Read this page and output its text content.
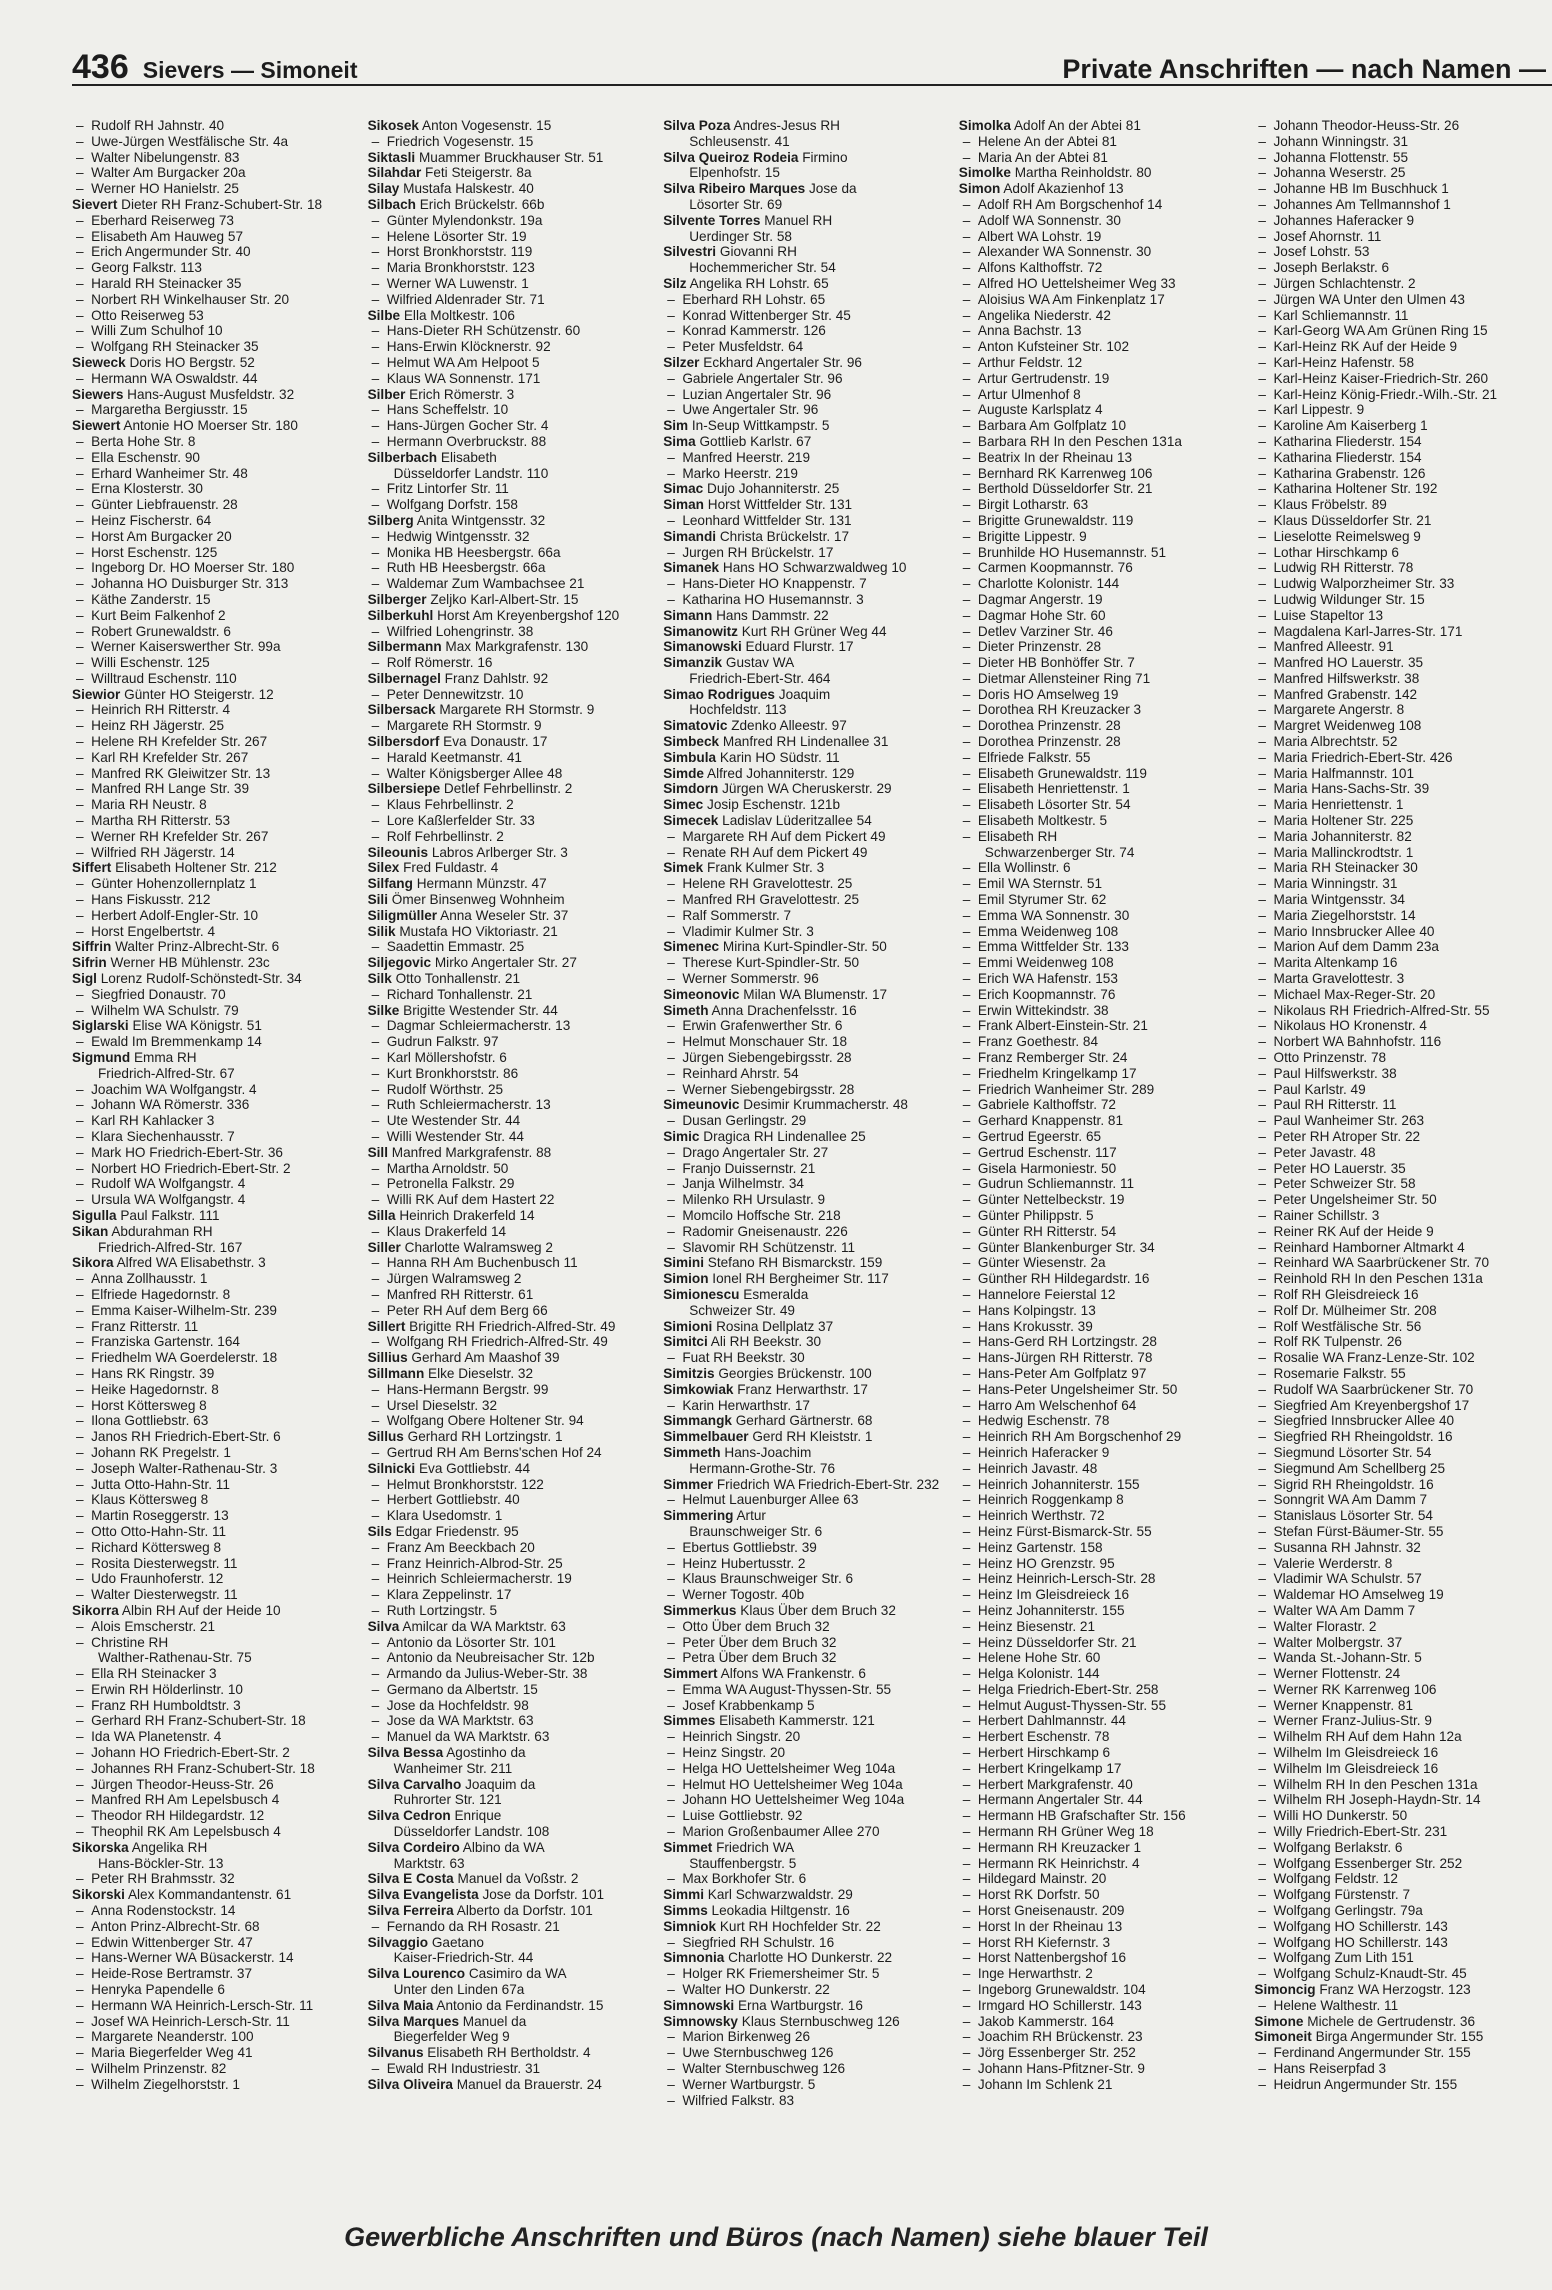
436 Sievers — Simoneit	Private Anschriften — nach Namen —
–  Rudolf RH Jahnstr. 40
–  Uwe-Jürgen Westfälische Str. 4a
–  Walter Nibelungenstr. 83
–  Walter Am Burgacker 20a
–  Werner HO Hanielstr. 25
Sievert Dieter RH Franz-Schubert-Str. 18
–  Eberhard Reiserweg 73
–  Elisabeth Am Hauweg 57
–  Erich Angermunder Str. 40
–  Georg Falkstr. 113
–  Harald RH Steinacker 35
–  Norbert RH Winkelhauser Str. 20
–  Otto Reiserweg 53
–  Willi Zum Schulhof 10
–  Wolfgang RH Steinacker 35
Sieweck Doris HO Bergstr. 52
–  Hermann WA Oswaldstr. 44
Siewers Hans-August Musfeldstr. 32
–  Margaretha Bergiusstr. 15
Siewert Antonie HO Moerser Str. 180
–  Berta Hohe Str. 8
–  Ella Eschenstr. 90
–  Erhard Wanheimer Str. 48
–  Erna Klosterstr. 30
–  Günter Liebfrauenstr. 28
–  Heinz Fischerstr. 64
–  Horst Am Burgacker 20
–  Horst Eschenstr. 125
–  Ingeborg Dr. HO Moerser Str. 180
–  Johanna HO Duisburger Str. 313
–  Käthe Zanderstr. 15
–  Kurt Beim Falkenhof 2
–  Robert Grunewaldstr. 6
–  Werner Kaiserswerther Str. 99a
–  Willi Eschenstr. 125
–  Willtraud Eschenstr. 110
Siewior Günter HO Steigerstr. 12
–  Heinrich RH Ritterstr. 4
–  Heinz RH Jägerstr. 25
–  Helene RH Krefelder Str. 267
–  Karl RH Krefelder Str. 267
–  Manfred RK Gleiwitzer Str. 13
–  Manfred RH Lange Str. 39
–  Maria RH Neustr. 8
–  Martha RH Ritterstr. 53
–  Werner RH Krefelder Str. 267
–  Wilfried RH Jägerstr. 14
Siffert Elisabeth Holtener Str. 212
–  Günter Hohenzollernplatz 1
–  Hans Fiskusstr. 212
–  Herbert Adolf-Engler-Str. 10
–  Horst Engelbertstr. 4
Siffrin Walter Prinz-Albrecht-Str. 6
Sifrin Werner HB Mühlenstr. 23c
Sigl Lorenz Rudolf-Schönstedt-Str. 34
–  Siegfried Donaustr. 70
–  Wilhelm WA Schulstr. 79
Siglarski Elise WA Königstr. 51
–  Ewald Im Bremmenkamp 14
Sigmund Emma RH
Friedrich-Alfred-Str. 67
–  Joachim WA Wolfgangstr. 4
–  Johann WA Römerstr. 336
–  Karl RH Kahlacker 3
–  Klara Siechenhausstr. 7
–  Mark HO Friedrich-Ebert-Str. 36
–  Norbert HO Friedrich-Ebert-Str. 2
–  Rudolf WA Wolfgangstr. 4
–  Ursula WA Wolfgangstr. 4
Sigulla Paul Falkstr. 111
Sikan Abdurahman RH
Friedrich-Alfred-Str. 167
Sikora Alfred WA Elisabethstr. 3
–  Anna Zollhausstr. 1
–  Elfriede Hagedornstr. 8
–  Emma Kaiser-Wilhelm-Str. 239
–  Franz Ritterstr. 11
–  Franziska Gartenstr. 164
–  Friedhelm WA Goerdelerstr. 18
–  Hans RK Ringstr. 39
–  Heike Hagedornstr. 8
–  Horst Köttersweg 8
–  Ilona Gottliebstr. 63
–  Janos RH Friedrich-Ebert-Str. 6
–  Johann RK Pregelstr. 1
–  Joseph Walter-Rathenau-Str. 3
–  Jutta Otto-Hahn-Str. 11
–  Klaus Köttersweg 8
–  Martin Roseggerstr. 13
–  Otto Otto-Hahn-Str. 11
–  Richard Köttersweg 8
–  Rosita Diesterwegstr. 11
–  Udo Fraunhoferstr. 12
–  Walter Diesterwegstr. 11
Sikorra Albin RH Auf der Heide 10
–  Alois Emscherstr. 21
–  Christine RH
Walther-Rathenau-Str. 75
–  Ella RH Steinacker 3
–  Erwin RH Hölderlinstr. 10
–  Franz RH Humboldtstr. 3
–  Gerhard RH Franz-Schubert-Str. 18
–  Ida WA Planetenstr. 4
–  Johann HO Friedrich-Ebert-Str. 2
–  Johannes RH Franz-Schubert-Str. 18
–  Jürgen Theodor-Heuss-Str. 26
–  Manfred RH Am Lepelsbusch 4
–  Theodor RH Hildegardstr. 12
–  Theophil RK Am Lepelsbusch 4
Sikorska Angelika RH
Hans-Böckler-Str. 13
–  Peter RH Brahmsstr. 32
Sikorski Alex Kommandantenstr. 61
–  Anna Rodenstockstr. 14
–  Anton Prinz-Albrecht-Str. 68
–  Edwin Wittenberger Str. 47
–  Hans-Werner WA Büsackerstr. 14
–  Heide-Rose Bertramstr. 37
–  Henryka Papendelle 6
–  Hermann WA Heinrich-Lersch-Str. 11
–  Josef WA Heinrich-Lersch-Str. 11
–  Margarete Neanderstr. 100
–  Maria Biegerfelder Weg 41
–  Wilhelm Prinzenstr. 82
–  Wilhelm Ziegelhorststr. 1
Sikosek Anton Vogesenstr. 15
–  Friedrich Vogesenstr. 15
Siktasli Muammer Bruckhauser Str. 51
Silahdar Feti Steigerstr. 8a
Silay Mustafa Halskestr. 40
Silbach Erich Brückelstr. 66b
–  Günter Mylendonkstr. 19a
–  Helene Lösorter Str. 19
–  Horst Bronkhorststr. 119
–  Maria Bronkhorststr. 123
–  Werner WA Luwenstr. 1
–  Wilfried Aldenrader Str. 71
Silbe Ella Moltkestr. 106
–  Hans-Dieter RH Schützenstr. 60
–  Hans-Erwin Klöcknerstr. 92
–  Helmut WA Am Helpoot 5
–  Klaus WA Sonnenstr. 171
Silber Erich Römerstr. 3
–  Hans Scheffelstr. 10
–  Hans-Jürgen Gocher Str. 4
–  Hermann Overbruckstr. 88
Silberbach Elisabeth
Düsseldorfer Landstr. 110
–  Fritz Lintorfer Str. 11
–  Wolfgang Dorfstr. 158
Silberg Anita Wintgensstr. 32
–  Hedwig Wintgensstr. 32
–  Monika HB Heesbergstr. 66a
–  Ruth HB Heesbergstr. 66a
–  Waldemar Zum Wambachsee 21
Silberger Zeljko Karl-Albert-Str. 15
Silberkuhl Horst Am Kreyenbergshof 120
–  Wilfried Lohengrinstr. 38
Silbermann Max Markgrafenstr. 130
–  Rolf Römerstr. 16
Silbernagel Franz Dahlstr. 92
–  Peter Dennewitzstr. 10
Silbersack Margarete RH Stormstr. 9
–  Margarete RH Stormstr. 9
Silbersdorf Eva Donaustr. 17
–  Harald Keetmanstr. 41
–  Walter Königsberger Allee 48
Silbersiepe Detlef Fehrbellinstr. 2
–  Klaus Fehrbellinstr. 2
–  Lore Kaßlerfelder Str. 33
–  Rolf Fehrbellinstr. 2
Sileounis Labros Arlberger Str. 3
Silex Fred Fuldastr. 4
Silfang Hermann Münzstr. 47
Sili Ömer Binsenweg Wohnheim
Siligmüller Anna Weseler Str. 37
Silik Mustafa HO Viktoriastr. 21
–  Saadettin Emmastr. 25
Siljegovic Mirko Angertaler Str. 27
Silk Otto Tonhallenstr. 21
–  Richard Tonhallenstr. 21
Silke Brigitte Westender Str. 44
–  Dagmar Schleiermacherstr. 13
–  Gudrun Falkstr. 97
–  Karl Möllershofstr. 6
–  Kurt Bronkhorststr. 86
–  Rudolf Wörthstr. 25
–  Ruth Schleiermacherstr. 13
–  Ute Westender Str. 44
–  Willi Westender Str. 44
Sill Manfred Markgrafenstr. 88
–  Martha Arnoldstr. 50
–  Petronella Falkstr. 29
–  Willi RK Auf dem Hastert 22
Silla Heinrich Drakerfeld 14
–  Klaus Drakerfeld 14
Siller Charlotte Walramsweg 2
–  Hanna RH Am Buchenbusch 11
–  Jürgen Walramsweg 2
–  Manfred RH Ritterstr. 61
–  Peter RH Auf dem Berg 66
Sillert Brigitte RH Friedrich-Alfred-Str. 49
–  Wolfgang RH Friedrich-Alfred-Str. 49
Sillius Gerhard Am Maashof 39
Sillmann Elke Dieselstr. 32
–  Hans-Hermann Bergstr. 99
–  Ursel Dieselstr. 32
–  Wolfgang Obere Holtener Str. 94
Sillus Gerhard RH Lortzingstr. 1
–  Gertrud RH Am Berns'schen Hof 24
Silnicki Eva Gottliebstr. 44
–  Helmut Bronkhorststr. 122
–  Herbert Gottliebstr. 40
–  Klara Usedomstr. 1
Sils Edgar Friedenstr. 95
–  Franz Am Beeckbach 20
–  Franz Heinrich-Albrod-Str. 25
–  Heinrich Schleiermacherstr. 19
–  Klara Zeppelinstr. 17
–  Ruth Lortzingstr. 5
Silva Amilcar da WA Marktstr. 63
–  Antonio da Lösorter Str. 101
–  Antonio da Neubreisacher Str. 12b
–  Armando da Julius-Weber-Str. 38
–  Germano da Albertstr. 15
–  Jose da Hochfeldstr. 98
–  Jose da WA Marktstr. 63
–  Manuel da WA Marktstr. 63
Silva Bessa Agostinho da
Wanheimer Str. 211
Silva Carvalho Joaquim da
Ruhrorter Str. 121
Silva Cedron Enrique
Düsseldorfer Landstr. 108
Silva Cordeiro Albino da WA
Marktstr. 63
Silva E Costa Manuel da Voßstr. 2
Silva Evangelista Jose da Dorfstr. 101
Silva Ferreira Alberto da Dorfstr. 101
–  Fernando da RH Rosastr. 21
Silvaggio Gaetano
Kaiser-Friedrich-Str. 44
Silva Lourenco Casimiro da WA
Unter den Linden 67a
Silva Maia Antonio da Ferdinandstr. 15
Silva Marques Manuel da
Biegerfelder Weg 9
Silvanus Elisabeth RH Bertholdstr. 4
–  Ewald RH Industriestr. 31
Silva Oliveira Manuel da Brauerstr. 24
Silva Poza Andres-Jesus RH
Schleusenstr. 41
Silva Queiroz Rodeia Firmino
Elpenhofstr. 15
Silva Ribeiro Marques Jose da
Lösorter Str. 69
Silvente Torres Manuel RH
Uerdinger Str. 58
Silvestri Giovanni RH
Hochemmericher Str. 54
Silz Angelika RH Lohstr. 65
–  Eberhard RH Lohstr. 65
–  Konrad Wittenberger Str. 45
–  Konrad Kammerstr. 126
–  Peter Musfeldstr. 64
Silzer Eckhard Angertaler Str. 96
–  Gabriele Angertaler Str. 96
–  Luzian Angertaler Str. 96
–  Uwe Angertaler Str. 96
Sim In-Seup Wittkampstr. 5
Sima Gottlieb Karlstr. 67
–  Manfred Heerstr. 219
–  Marko Heerstr. 219
Simac Dujo Johanniterstr. 25
Siman Horst Wittfelder Str. 131
–  Leonhard Wittfelder Str. 131
Simandi Christa Brückelstr. 17
–  Jurgen RH Brückelstr. 17
Simanek Hans HO Schwarzwaldweg 10
–  Hans-Dieter HO Knappenstr. 7
–  Katharina HO Husemannstr. 3
Simann Hans Dammstr. 22
Simanowitz Kurt RH Grüner Weg 44
Simanowski Eduard Flurstr. 17
Simanzik Gustav WA
Friedrich-Ebert-Str. 464
Simao Rodrigues Joaquim
Hochfeldstr. 113
Simatovic Zdenko Alleestr. 97
Simbeck Manfred RH Lindenallee 31
Simbula Karin HO Südstr. 11
Simde Alfred Johanniterstr. 129
Simdorn Jürgen WA Cheruskerstr. 29
Simec Josip Eschenstr. 121b
Simecek Ladislav Lüderitzallee 54
–  Margarete RH Auf dem Pickert 49
–  Renate RH Auf dem Pickert 49
Simek Frank Kulmer Str. 3
–  Helene RH Gravelottestr. 25
–  Manfred RH Gravelottestr. 25
–  Ralf Sommerstr. 7
–  Vladimir Kulmer Str. 3
Simenec Mirina Kurt-Spindler-Str. 50
–  Therese Kurt-Spindler-Str. 50
–  Werner Sommerstr. 96
Simeonovic Milan WA Blumenstr. 17
Simeth Anna Drachenfelsstr. 16
–  Erwin Grafenwerther Str. 6
–  Helmut Monschauer Str. 18
–  Jürgen Siebengebirgsstr. 28
–  Reinhard Ahrstr. 54
–  Werner Siebengebirgsstr. 28
Simeunovic Desimir Krummacherstr. 48
–  Dusan Gerlingstr. 29
Simic Dragica RH Lindenallee 25
–  Drago Angertaler Str. 27
–  Franjo Duissernstr. 21
–  Janja Wilhelmstr. 34
–  Milenko RH Ursulastr. 9
–  Momcilo Hoffsche Str. 218
–  Radomir Gneisenaustr. 226
–  Slavomir RH Schützenstr. 11
Simini Stefano RH Bismarckstr. 159
Simion Ionel RH Bergheimer Str. 117
Simionescu Esmeralda
Schweizer Str. 49
Simioni Rosina Dellplatz 37
Simitci Ali RH Beekstr. 30
–  Fuat RH Beekstr. 30
Simitzis Georgies Brückenstr. 100
Simkowiak Franz Herwarthstr. 17
–  Karin Herwarthstr. 17
Simmangk Gerhard Gärtnerstr. 68
Simmelbauer Gerd RH Kleiststr. 1
Simmeth Hans-Joachim
Hermann-Grothe-Str. 76
Simmer Friedrich WA Friedrich-Ebert-Str. 232
–  Helmut Lauenburger Allee 63
Simmering Artur
Braunschweiger Str. 6
–  Ebertus Gottliebstr. 39
–  Heinz Hubertusstr. 2
–  Klaus Braunschweiger Str. 6
–  Werner Togostr. 40b
Simmerkus Klaus Über dem Bruch 32
–  Otto Über dem Bruch 32
–  Peter Über dem Bruch 32
–  Petra Über dem Bruch 32
Simmert Alfons WA Frankenstr. 6
–  Emma WA August-Thyssen-Str. 55
–  Josef Krabbenkamp 5
Simmes Elisabeth Kammerstr. 121
–  Heinrich Singstr. 20
–  Heinz Singstr. 20
–  Helga HO Uettelsheimer Weg 104a
–  Helmut HO Uettelsheimer Weg 104a
–  Johann HO Uettelsheimer Weg 104a
–  Luise Gottliebstr. 92
–  Marion Großenbaumer Allee 270
Simmet Friedrich WA
Stauffenbergstr. 5
–  Max Borkhofer Str. 6
Simmi Karl Schwarzwaldstr. 29
Simms Leokadia Hiltgenstr. 16
Simniok Kurt RH Hochfelder Str. 22
–  Siegfried RH Schulstr. 16
Simnonia Charlotte HO Dunkerstr. 22
–  Holger RK Friemersheimer Str. 5
–  Walter HO Dunkerstr. 22
Simnowski Erna Wartburgstr. 16
Simnowsky Klaus Sternbuschweg 126
–  Marion Birkenweg 26
–  Uwe Sternbuschweg 126
–  Walter Sternbuschweg 126
–  Werner Wartburgstr. 5
–  Wilfried Falkstr. 83
Simolka Adolf An der Abtei 81
–  Helene An der Abtei 81
–  Maria An der Abtei 81
Simolke Martha Reinholdstr. 80
Simon Adolf Akazienhof 13
–  Adolf RH Am Borgschenhof 14
–  Adolf WA Sonnenstr. 30
–  Albert WA Lohstr. 19
–  Alexander WA Sonnenstr. 30
–  Alfons Kalthoffstr. 72
–  Alfred HO Uettelsheimer Weg 33
–  Aloisius WA Am Finkenplatz 17
–  Angelika Niederstr. 42
–  Anna Bachstr. 13
–  Anton Kufsteiner Str. 102
–  Arthur Feldstr. 12
–  Artur Gertrudenstr. 19
–  Artur Ulmenhof 8
–  Auguste Karlsplatz 4
–  Barbara Am Golfplatz 10
–  Barbara RH In den Peschen 131a
–  Beatrix In der Rheinau 13
–  Bernhard RK Karrenweg 106
–  Berthold Düsseldorfer Str. 21
–  Birgit Lotharstr. 63
–  Brigitte Grunewaldstr. 119
–  Brigitte Lippestr. 9
–  Brunhilde HO Husemannstr. 51
–  Carmen Koopmannstr. 76
–  Charlotte Kolonistr. 144
–  Dagmar Angerstr. 19
–  Dagmar Hohe Str. 60
–  Detlev Varziner Str. 46
–  Dieter Prinzenstr. 28
–  Dieter HB Bonhöffer Str. 7
–  Dietmar Allensteiner Ring 71
–  Doris HO Amselweg 19
–  Dorothea RH Kreuzacker 3
–  Dorothea Prinzenstr. 28
–  Dorothea Prinzenstr. 28
–  Elfriede Falkstr. 55
–  Elisabeth Grunewaldstr. 119
–  Elisabeth Henriettenstr. 1
–  Elisabeth Lösorter Str. 54
–  Elisabeth Moltkestr. 5
–  Elisabeth RH
Schwarzenberger Str. 74
–  Ella Wollinstr. 6
–  Emil WA Sternstr. 51
–  Emil Styrumer Str. 62
–  Emma WA Sonnenstr. 30
–  Emma Weidenweg 108
–  Emma Wittfelder Str. 133
–  Emmi Weidenweg 108
–  Erich WA Hafenstr. 153
–  Erich Koopmannstr. 76
–  Erwin Wittekindstr. 38
–  Frank Albert-Einstein-Str. 21
–  Franz Goethestr. 84
–  Franz Remberger Str. 24
–  Friedhelm Kringelkamp 17
–  Friedrich Wanheimer Str. 289
–  Gabriele Kalthoffstr. 72
–  Gerhard Knappenstr. 81
–  Gertrud Egeerstr. 65
–  Gertrud Eschenstr. 117
–  Gisela Harmoniestr. 50
–  Gudrun Schliemannstr. 11
–  Günter Nettelbeckstr. 19
–  Günter Philippstr. 5
–  Günter RH Ritterstr. 54
–  Günter Blankenburger Str. 34
–  Günter Wiesenstr. 2a
–  Günther RH Hildegardstr. 16
–  Hannelore Feierstal 12
–  Hans Kolpingstr. 13
–  Hans Krokusstr. 39
–  Hans-Gerd RH Lortzingstr. 28
–  Hans-Jürgen RH Ritterstr. 78
–  Hans-Peter Am Golfplatz 97
–  Hans-Peter Ungelsheimer Str. 50
–  Harro Am Welschenhof 64
–  Hedwig Eschenstr. 78
–  Heinrich RH Am Borgschenhof 29
–  Heinrich Haferacker 9
–  Heinrich Javastr. 48
–  Heinrich Johanniterstr. 155
–  Heinrich Roggenkamp 8
–  Heinrich Werthstr. 72
–  Heinz Fürst-Bismarck-Str. 55
–  Heinz Gartenstr. 158
–  Heinz HO Grenzstr. 95
–  Heinz Heinrich-Lersch-Str. 28
–  Heinz Im Gleisdreieck 16
–  Heinz Johanniterstr. 155
–  Heinz Biesenstr. 21
–  Heinz Düsseldorfer Str. 21
–  Helene Hohe Str. 60
–  Helga Kolonistr. 144
–  Helga Friedrich-Ebert-Str. 258
–  Helmut August-Thyssen-Str. 55
–  Herbert Dahlmannstr. 44
–  Herbert Eschenstr. 78
–  Herbert Hirschkamp 6
–  Herbert Kringelkamp 17
–  Herbert Markgrafenstr. 40
–  Hermann Angertaler Str. 44
–  Hermann HB Grafschafter Str. 156
–  Hermann RH Grüner Weg 18
–  Hermann RH Kreuzacker 1
–  Hermann RK Heinrichstr. 4
–  Hildegard Mainstr. 20
–  Horst RK Dorfstr. 50
–  Horst Gneisenaustr. 209
–  Horst In der Rheinau 13
–  Horst RH Kiefernstr. 3
–  Horst Nattenbergshof 16
–  Inge Herwarthstr. 2
–  Ingeborg Grunewaldstr. 104
–  Irmgard HO Schillerstr. 143
–  Jakob Kammerstr. 164
–  Joachim RH Brückenstr. 23
–  Jörg Essenberger Str. 252
–  Johann Hans-Pfitzner-Str. 9
–  Johann Im Schlenk 21
–  Johann Theodor-Heuss-Str. 26
–  Johann Winningstr. 31
–  Johanna Flottenstr. 55
–  Johanna Weserstr. 25
–  Johanne HB Im Buschhuck 1
–  Johannes Am Tellmannshof 1
–  Johannes Haferacker 9
–  Josef Ahornstr. 11
–  Josef Lohstr. 53
–  Joseph Berlakstr. 6
–  Jürgen Schlachtenstr. 2
–  Jürgen WA Unter den Ulmen 43
–  Karl Schliemannstr. 11
–  Karl-Georg WA Am Grünen Ring 15
–  Karl-Heinz RK Auf der Heide 9
–  Karl-Heinz Hafenstr. 58
–  Karl-Heinz Kaiser-Friedrich-Str. 260
–  Karl-Heinz König-Friedr.-Wilh.-Str. 21
–  Karl Lippestr. 9
–  Karoline Am Kaiserberg 1
–  Katharina Fliederstr. 154
–  Katharina Fliederstr. 154
–  Katharina Grabenstr. 126
–  Katharina Holtener Str. 192
–  Klaus Fröbelstr. 89
–  Klaus Düsseldorfer Str. 21
–  Lieselotte Reimelsweg 9
–  Lothar Hirschkamp 6
–  Ludwig RH Ritterstr. 78
–  Ludwig Walporzheimer Str. 33
–  Ludwig Wildunger Str. 15
–  Luise Stapeltor 13
–  Magdalena Karl-Jarres-Str. 171
–  Manfred Alleestr. 91
–  Manfred HO Lauerstr. 35
–  Manfred Hilfswerkstr. 38
–  Manfred Grabenstr. 142
–  Margarete Angerstr. 8
–  Margret Weidenweg 108
–  Maria Albrechtstr. 52
–  Maria Friedrich-Ebert-Str. 426
–  Maria Halfmannstr. 101
–  Maria Hans-Sachs-Str. 39
–  Maria Henriettenstr. 1
–  Maria Holtener Str. 225
–  Maria Johanniterstr. 82
–  Maria Mallinckrodtstr. 1
–  Maria RH Steinacker 30
–  Maria Winningstr. 31
–  Maria Wintgensstr. 34
–  Maria Ziegelhorststr. 14
–  Mario Innsbrucker Allee 40
–  Marion Auf dem Damm 23a
–  Marita Altenkamp 16
–  Marta Gravelottestr. 3
–  Michael Max-Reger-Str. 20
–  Nikolaus RH Friedrich-Alfred-Str. 55
–  Nikolaus HO Kronenstr. 4
–  Norbert WA Bahnhofstr. 116
–  Otto Prinzenstr. 78
–  Paul Hilfswerkstr. 38
–  Paul Karlstr. 49
–  Paul RH Ritterstr. 11
–  Paul Wanheimer Str. 263
–  Peter RH Atroper Str. 22
–  Peter Javastr. 48
–  Peter HO Lauerstr. 35
–  Peter Schweizer Str. 58
–  Peter Ungelsheimer Str. 50
–  Rainer Schillstr. 3
–  Reiner RK Auf der Heide 9
–  Reinhard Hamborner Altmarkt 4
–  Reinhard WA Saarbrückener Str. 70
–  Reinhold RH In den Peschen 131a
–  Rolf RH Gleisdreieck 16
–  Rolf Dr. Mülheimer Str. 208
–  Rolf Westfälische Str. 56
–  Rolf RK Tulpenstr. 26
–  Rosalie WA Franz-Lenze-Str. 102
–  Rosemarie Falkstr. 55
–  Rudolf WA Saarbrückener Str. 70
–  Siegfried Am Kreyenbergshof 17
–  Siegfried Innsbrucker Allee 40
–  Siegfried RH Rheingoldstr. 16
–  Siegmund Lösorter Str. 54
–  Siegmund Am Schellberg 25
–  Sigrid RH Rheingoldstr. 16
–  Sonngrit WA Am Damm 7
–  Stanislaus Lösorter Str. 54
–  Stefan Fürst-Bäumer-Str. 55
–  Susanna RH Jahnstr. 32
–  Valerie Werderstr. 8
–  Vladimir WA Schulstr. 57
–  Waldemar HO Amselweg 19
–  Walter WA Am Damm 7
–  Walter Florastr. 2
–  Walter Molbergstr. 37
–  Wanda St.-Johann-Str. 5
–  Werner Flottenstr. 24
–  Werner RK Karrenweg 106
–  Werner Knappenstr. 81
–  Werner Franz-Julius-Str. 9
–  Wilhelm RH Auf dem Hahn 12a
–  Wilhelm Im Gleisdreieck 16
–  Wilhelm Im Gleisdreieck 16
–  Wilhelm RH In den Peschen 131a
–  Wilhelm RH Joseph-Haydn-Str. 14
–  Willi HO Dunkerstr. 50
–  Willy Friedrich-Ebert-Str. 231
–  Wolfgang Berlakstr. 6
–  Wolfgang Essenberger Str. 252
–  Wolfgang Feldstr. 12
–  Wolfgang Fürstenstr. 7
–  Wolfgang Gerlingstr. 79a
–  Wolfgang HO Schillerstr. 143
–  Wolfgang HO Schillerstr. 143
–  Wolfgang Zum Lith 151
–  Wolfgang Schulz-Knaudt-Str. 45
Simoncig Franz WA Herzogstr. 123
–  Helene Walthestr. 11
Simone Michele de Gertrudenstr. 36
Simoneit Birga Angermunder Str. 155
–  Ferdinand Angermunder Str. 155
–  Hans Reiserpfad 3
–  Heidrun Angermunder Str. 155
Gewerbliche Anschriften und Büros (nach Namen) siehe blauer Teil
